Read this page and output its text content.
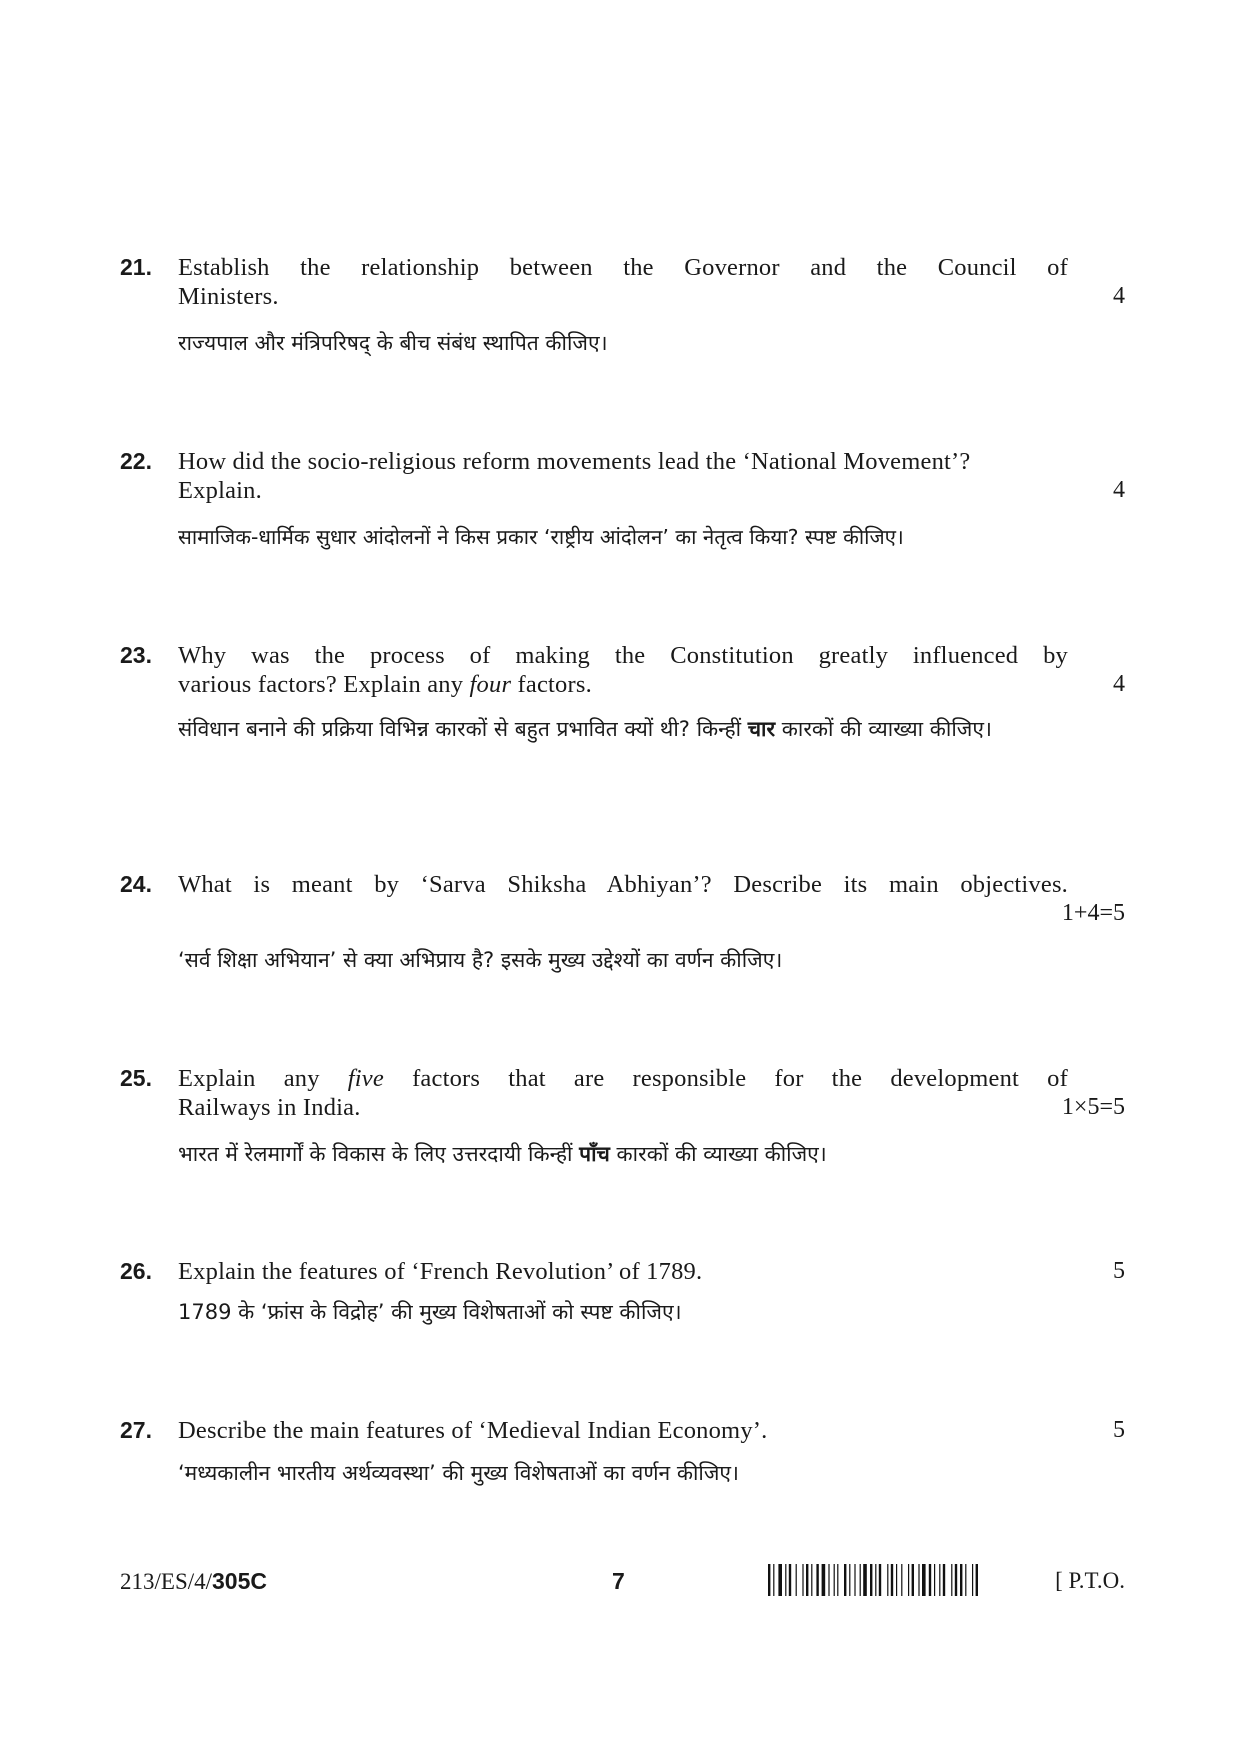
21. Establish the relationship between the Governor and the Council of
Ministers.	4
राज्यपाल और मंत्रिपरिषद् के बीच संबंध स्थापित कीजिए।
22. How did the socio-religious reform movements lead the ‘National Movement’?
Explain.	4
सामाजिक-धार्मिक सुधार आंदोलनों ने किस प्रकार ‘राष्ट्रीय आंदोलन’ का नेतृत्व किया? स्पष्ट कीजिए।
23. Why was the process of making the Constitution greatly influenced by
various factors? Explain any four factors.	4
संविधान बनाने की प्रक्रिया विभिन्न कारकों से बहुत प्रभावित क्यों थी? किन्हीं चार कारकों की व्याख्या कीजिए।
24. What is meant by ‘Sarva Shiksha Abhiyan’? Describe its main objectives.

1+4=5
‘सर्व शिक्षा अभियान’ से क्या अभिप्राय है? इसके मुख्य उद्देश्यों का वर्णन कीजिए।
25. Explain any five factors that are responsible for the development of
Railways in India.	1×5=5
भारत में रेलमार्गों के विकास के लिए उत्तरदायी किन्हीं पाँच कारकों की व्याख्या कीजिए।
26. Explain the features of ‘French Revolution’ of 1789.	5
1789 के ‘फ्रांस के विद्रोह’ की मुख्य विशेषताओं को स्पष्ट कीजिए।
27. Describe the main features of ‘Medieval Indian Economy’.	5
‘मध्यकालीन भारतीय अर्थव्यवस्था’ की मुख्य विशेषताओं का वर्णन कीजिए।
213/ES/4/305C	7	[ P.T.O.
